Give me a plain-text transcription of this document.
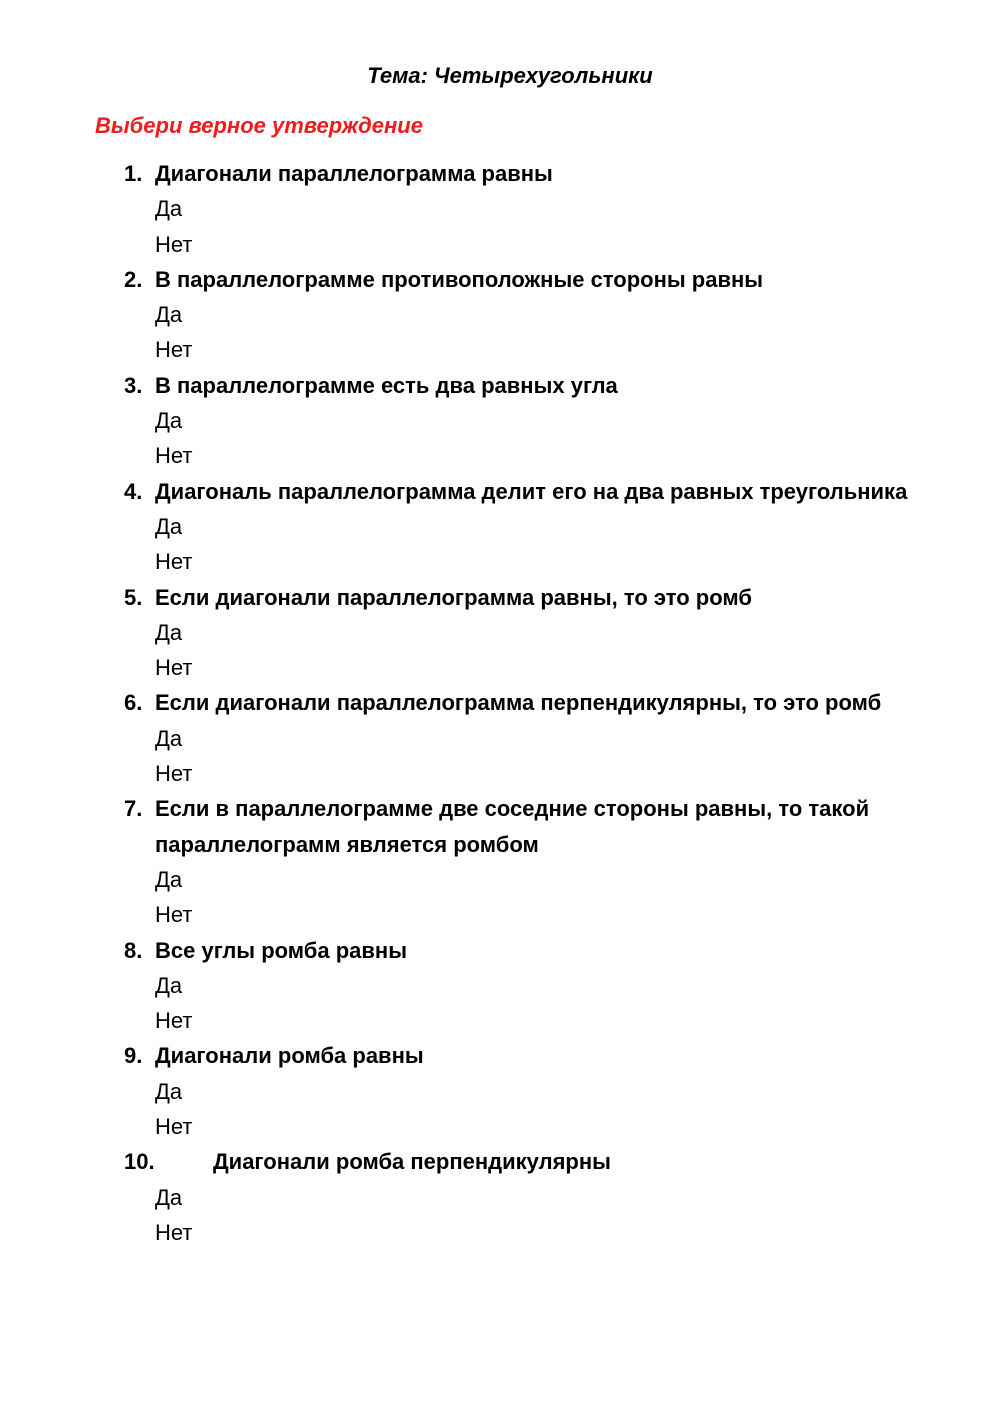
Тема: Четырехугольники
Выбери верное утверждение
1. Диагонали параллелограмма равны
Да
Нет
2. В параллелограмме противоположные стороны равны
Да
Нет
3. В параллелограмме есть два равных угла
Да
Нет
4. Диагональ параллелограмма делит его на два равных треугольника
Да
Нет
5. Если диагонали параллелограмма равны, то это ромб
Да
Нет
6. Если диагонали параллелограмма перпендикулярны, то это ромб
Да
Нет
7. Если в параллелограмме две соседние стороны равны, то такой параллелограмм является ромбом
Да
Нет
8. Все углы ромба равны
Да
Нет
9. Диагонали ромба равны
Да
Нет
10.	Диагонали ромба перпендикулярны
Да
Нет
